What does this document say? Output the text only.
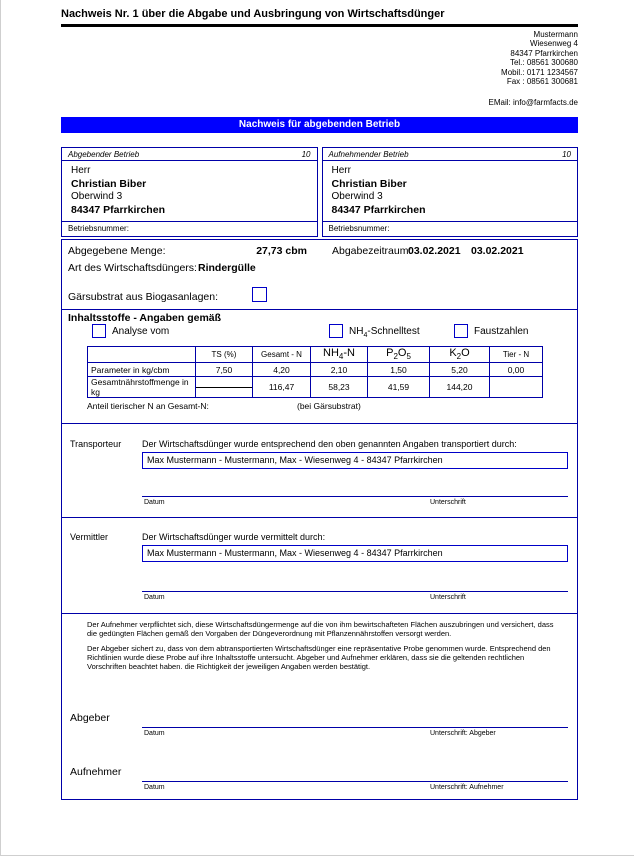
Nachweis Nr. 1 über die Abgabe und Ausbringung von Wirtschaftsdünger
Mustermann
Wiesenweg 4
84347 Pfarrkirchen
Tel.: 08561 300680
Mobil.: 0171 1234567
Fax : 08561 300681
EMail: info@farmfacts.de
Nachweis für abgebenden Betrieb
Abgebender Betrieb	10
Herr
Christian Biber
Oberwind 3
84347 Pfarrkirchen
Betriebsnummer:
Aufnehmender Betrieb	10
Herr
Christian Biber
Oberwind 3
84347 Pfarrkirchen
Betriebsnummer:
Abgegebene Menge:	27,73 cbm Abgabezeitraum:
03.02.2021 03.02.2021
Art des Wirtschaftsdüngers: Rindergülle
Gärsubstrat aus Biogasanlagen:
Inhaltsstoffe - Angaben gemäß
Analyse vom	$NH_4$-Schnelltest	Faustzahlen
	TS (%)	Gesamt - N	$NH_4-N$	$P_2O_5$	$K_2O$	Tier - N
Parameter in kg/cbm	7,50	4,20	2,10	1,50	5,20	0,00
Gesamtnährstoffmenge in kg		116,47	58,23	41,59	144,20	
Anteil tierischer N an Gesamt-N:	(bei Gärsubstrat)
Transporteur Der Wirtschaftsdünger wurde entsprechend den oben genannten Angaben transportiert durch:
Max Mustermann - Mustermann, Max - Wiesenweg 4 - 84347 Pfarrkirchen
Datum	Unterschrift
Vermittler	Der Wirtschaftsdünger wurde vermittelt durch:
Max Mustermann - Mustermann, Max - Wiesenweg 4 - 84347 Pfarrkirchen
Datum	Unterschrift
Der Aufnehmer verpflichtet sich, diese Wirtschaftsdüngermenge auf die von ihm bewirtschafteten Flächen auszubringen und versichert, dass die gedüngten Flächen gemäß den Vorgaben der Düngeverordnung mit Pflanzennährstoffen versorgt werden.
Der Abgeber sichert zu, dass von dem abtransportierten Wirtschaftsdünger eine repräsentative Probe genommen wurde. Entsprechend den Richtlinien wurde diese Probe auf ihre Inhaltsstoffe untersucht. Abgeber und Aufnehmer erklären, dass sie die geltenden rechtlichen Vorschriften beachtet haben. die Richtigkeit der jeweiligen Angaben werden bestätigt.
Abgeber
Datum	Unterschrift: Abgeber
Aufnehmer
Datum	Unterschrift: Aufnehmer
